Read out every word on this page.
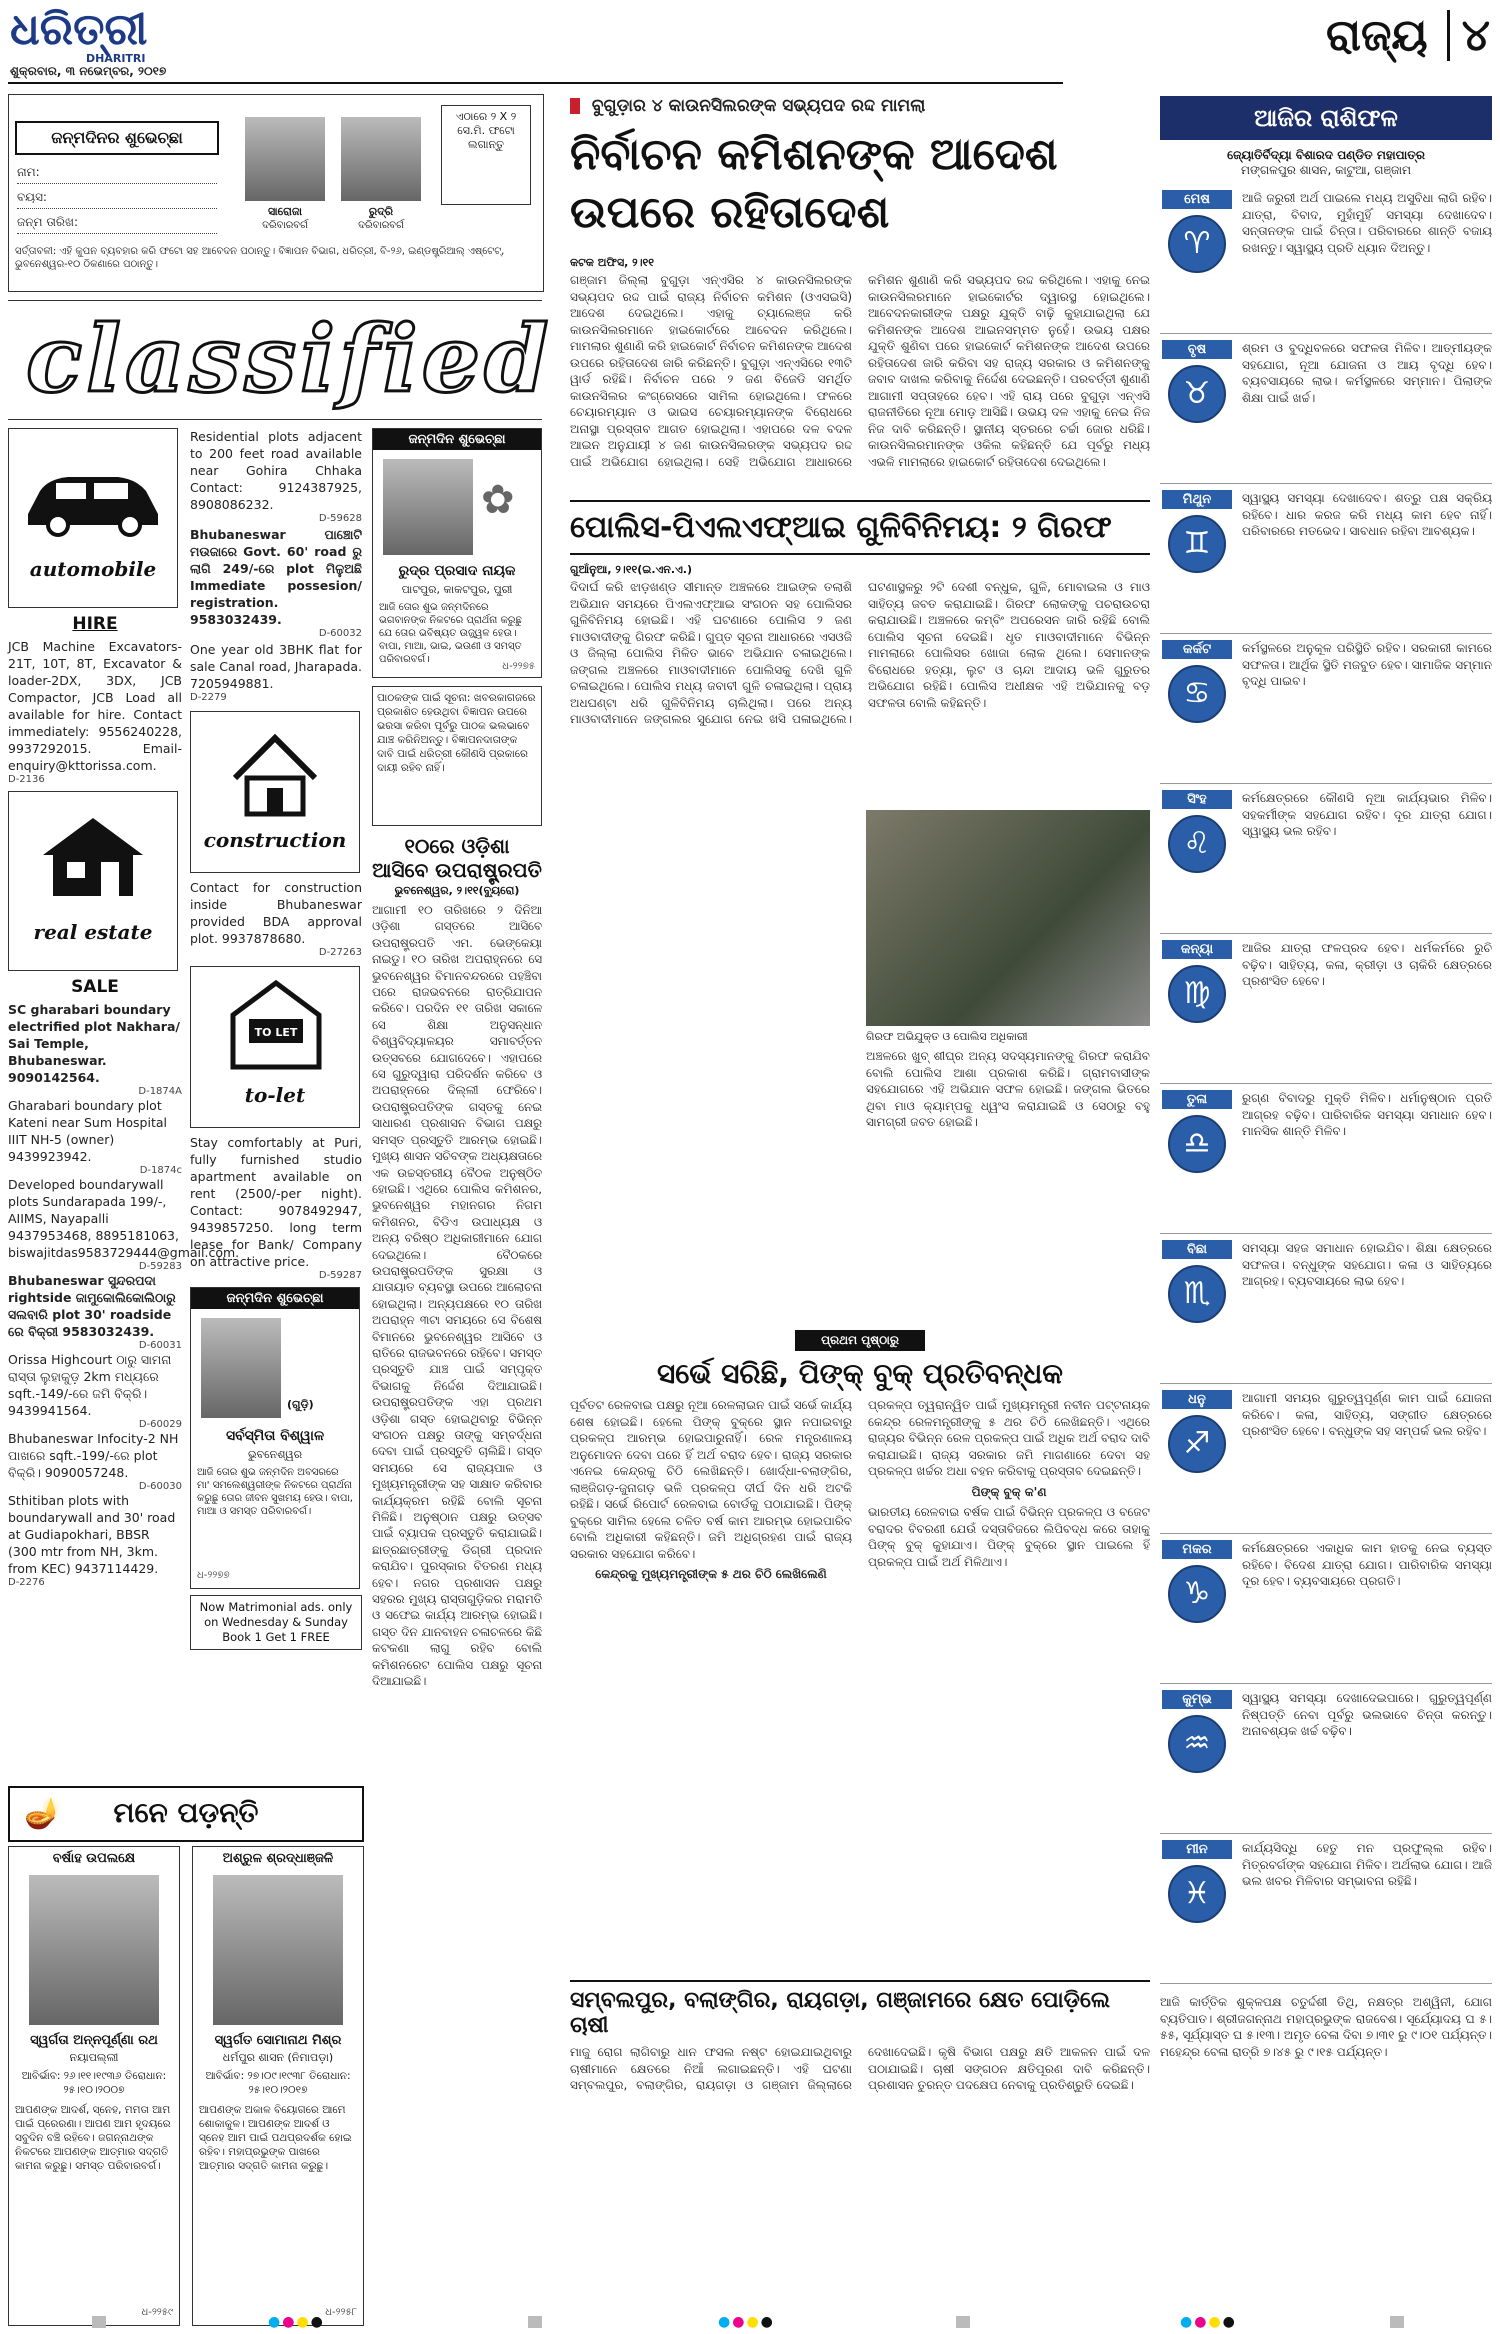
ଧରିତ୍ରୀ
DHARITRI
ଶୁକ୍ରବାର, ୩ ନଭେମ୍ବର, ୨୦୧୭
ରାଜ୍ୟ ୪
ଜନ୍ମଦିନର ଶୁଭେଚ୍ଛା
ନାମ:
ବୟସ:
ଜନ୍ମ ତାରିଖ:
ସାରୋଜା
ଦରିବାରବର୍ଗ
ରୁଦ୍ରି
ଦରିବାରବର୍ଗ
ଏଠାରେ ୨ X ୨ ସେ.ମି. ଫଟୋ ଲଗାନ୍ତୁ
ସର୍ତ୍ତାବଳୀ: ଏହି କୁପନ ବ୍ୟବହାର କରି ଫଟୋ ସହ ଆବେଦନ ପଠାନ୍ତୁ। ବିଜ୍ଞାପନ ବିଭାଗ, ଧରିତ୍ରୀ, ବି-୨୬, ଇଣ୍ଡଷ୍ଟ୍ରିଆଲ୍ ଏଷ୍ଟେଟ୍, ଭୁବନେଶ୍ୱର-୧୦ ଠିକଣାରେ ପଠାନ୍ତୁ।
classified
automobile
HIRE
JCB Machine Excavators-21T, 10T, 8T, Excavator & loader-2DX, 3DX, JCB Compactor, JCB Load all available for hire. Contact immediately: 9556240228, 9937292015. Email-enquiry@kttorissa.com.
D-2136
real estate
SALE
SC gharabari boundary electrified plot Nakhara/ Sai Temple, Bhubaneswar. 9090142564.
D-1874A
Gharabari boundary plot Kateni near Sum Hospital IIIT NH-5 (owner) 9439923942.
D-1874c
Developed boundarywall plots Sundarapada 199/-, AIIMS, Nayapalli 9437953468, 8895181063, biswajitdas9583729444@gmail.com.
D-59283
Bhubaneswar ସୁନ୍ଦରପଦା rightside ଜାମୁକୋଲିକୋଲିଠାରୁ ସଲବାରି plot 30' roadside ରେ ବିକ୍ରୀ 9583032439.
D-60031
Orissa Highcourt ଠାରୁ ସାମନା ରାସ୍ତା ଲୁହାକୁଡ଼ 2km ମଧ୍ୟରେ sqft.-149/-ରେ ଜମି ବିକ୍ରି। 9439941564.
D-60029
Bhubaneswar Infocity-2 NH ପାଖରେ sqft.-199/-ରେ plot ବିକ୍ରି। 9090057248.
D-60030
Sthitiban plots with boundarywall and 30' road at Gudiapokhari, BBSR (300 mtr from NH, 3km. from KEC) 9437114429.
D-2276
Residential plots adjacent to 200 feet road available near Gohira Chhaka Contact: 9124387925, 8908086232.
D-59628
Bhubaneswar ପାଞ୍ଚୋଟି ମଉଜାରେ Govt. 60' road ରୁ ଲାଗି 249/-ରେ plot ମିଳୁଅଛି Immediate possesion/ registration. 9583032439.
D-60032
One year old 3BHK flat for sale Canal road, Jharapada. 7205949881.
D-2279
construction
Contact for construction inside Bhubaneswar provided BDA approval plot. 9937878680.
D-27263
TO LET
to-let
Stay comfortably at Puri, fully furnished studio apartment available on rent (2500/-per night). Contact: 9078492947, 9439857250. long term lease for Bank/ Company on attractive price.
D-59287
ଜନ୍ମଦିନ ଶୁଭେଚ୍ଛା
(ଗୁଡ଼ି)
ସର୍ବସ୍ମିତା ବିଶ୍ୱାଳ
ଭୁବନେଶ୍ୱର
ଆଜି ତୋର ଶୁଭ ଜନ୍ମଦିନ ଅବସରରେ ମା' ସମଲେଶ୍ୱରୀଙ୍କ ନିକଟରେ ପ୍ରାର୍ଥନା କରୁଛୁ ତୋର ଜୀବନ ସୁଖମୟ ହେଉ। ବାପା, ମାଆ ଓ ସମସ୍ତ ପରିବାରବର୍ଗ।
ଧ-୨୨୭୭
Now Matrimonial ads. only on Wednesday & Sunday Book 1 Get 1 FREE
ଜନ୍ମଦିନ ଶୁଭେଚ୍ଛା
✿
ରୁଦ୍ର ପ୍ରସାଦ ନାୟକ
ପାଟପୁର, କାକଟପୁର, ପୁରୀ
ଆଜି ତୋର ଶୁଭ ଜନ୍ମଦିନରେ ଭଗବାନଙ୍କ ନିକଟରେ ପ୍ରାର୍ଥନା କରୁଛୁ ଯେ ତୋର ଭବିଷ୍ୟତ ଉଜ୍ଜ୍ୱଳ ହେଉ। ବାପା, ମାଆ, ଭାଇ, ଭଉଣୀ ଓ ସମସ୍ତ ପରିବାରବର୍ଗ।
ଧ-୨୨୭୫
ପାଠକଙ୍କ ପାଇଁ ସୂଚନା: ଖବରକାଗଜରେ ପ୍ରକାଶିତ ହେଉଥିବା ବିଜ୍ଞାପନ ଉପରେ ଭରସା କରିବା ପୂର୍ବରୁ ପାଠକ ଭଲଭାବେ ଯାଞ୍ଚ କରିନିଅନ୍ତୁ। ବିଜ୍ଞାପନଦାତାଙ୍କ ଦାବି ପାଇଁ ଧରିତ୍ରୀ କୌଣସି ପ୍ରକାରେ ଦାୟୀ ରହିବ ନାହିଁ।
୧୦ରେ ଓଡ଼ିଶା
ଆସିବେ ଉପରାଷ୍ଟ୍ରପତି
ଭୁବନେଶ୍ୱର, ୨।୧୧(ବ୍ୟୁରୋ)
ଆଗାମୀ ୧୦ ତାରିଖରେ ୨ ଦିନିଆ ଓଡ଼ିଶା ଗସ୍ତରେ ଆସିବେ ଉପରାଷ୍ଟ୍ରପତି ଏମ. ଭେଙ୍କେୟା ନାଇଡୁ। ୧୦ ତାରିଖ ଅପରାହ୍ନରେ ସେ ଭୁବନେଶ୍ୱର ବିମାନବନ୍ଦରରେ ପହଞ୍ଚିବା ପରେ ରାଜଭବନରେ ରାତ୍ରିଯାପନ କରିବେ। ପରଦିନ ୧୧ ତାରିଖ ସକାଳେ ସେ ଶିକ୍ଷା ଅନୁସନ୍ଧାନ ବିଶ୍ୱବିଦ୍ୟାଳୟର ସମାବର୍ତ୍ତନ ଉତ୍ସବରେ ଯୋଗଦେବେ। ଏହାପରେ ସେ ଗୁରୁଦ୍ୱାରା ପରିଦର୍ଶନ କରିବେ ଓ ଅପରାହ୍ନରେ ଦିଲ୍ଲୀ ଫେରିବେ। ଉପରାଷ୍ଟ୍ରପତିଙ୍କ ଗସ୍ତକୁ ନେଇ ସାଧାରଣ ପ୍ରଶାସନ ବିଭାଗ ପକ୍ଷରୁ ସମସ୍ତ ପ୍ରସ୍ତୁତି ଆରମ୍ଭ ହୋଇଛି। ମୁଖ୍ୟ ଶାସନ ସଚିବଙ୍କ ଅଧ୍ୟକ୍ଷତାରେ ଏକ ଉଚ୍ଚସ୍ତରୀୟ ବୈଠକ ଅନୁଷ୍ଠିତ ହୋଇଛି। ଏଥିରେ ପୋଲିସ କମିଶନର, ଭୁବନେଶ୍ୱର ମହାନଗର ନିଗମ କମିଶନର, ବିଡିଏ ଉପାଧ୍ୟକ୍ଷ ଓ ଅନ୍ୟ ବରିଷ୍ଠ ଅଧିକାରୀମାନେ ଯୋଗ ଦେଇଥିଲେ। ବୈଠକରେ ଉପରାଷ୍ଟ୍ରପତିଙ୍କ ସୁରକ୍ଷା ଓ ଯାତାୟାତ ବ୍ୟବସ୍ଥା ଉପରେ ଆଲୋଚନା ହୋଇଥିଲା। ଅନ୍ୟପକ୍ଷରେ ୧୦ ତାରିଖ ଅପରାହ୍ନ ୩ଟା ସମୟରେ ସେ ବିଶେଷ ବିମାନରେ ଭୁବନେଶ୍ୱର ଆସିବେ ଓ ରାତିରେ ରାଜଭବନରେ ରହିବେ। ସମସ୍ତ ପ୍ରସ୍ତୁତି ଯାଞ୍ଚ ପାଇଁ ସମ୍ପୃକ୍ତ ବିଭାଗକୁ ନିର୍ଦ୍ଦେଶ ଦିଆଯାଇଛି। ଉପରାଷ୍ଟ୍ରପତିଙ୍କ ଏହା ପ୍ରଥମ ଓଡ଼ିଶା ଗସ୍ତ ହୋଇଥିବାରୁ ବିଭିନ୍ନ ସଂଗଠନ ପକ୍ଷରୁ ତାଙ୍କୁ ସମ୍ବର୍ଦ୍ଧନା ଦେବା ପାଇଁ ପ୍ରସ୍ତୁତି ଚାଲିଛି। ଗସ୍ତ ସମୟରେ ସେ ରାଜ୍ୟପାଳ ଓ ମୁଖ୍ୟମନ୍ତ୍ରୀଙ୍କ ସହ ସାକ୍ଷାତ କରିବାର କାର୍ଯ୍ୟକ୍ରମ ରହିଛି ବୋଲି ସୂଚନା ମିଳିଛି। ଅନୁଷ୍ଠାନ ପକ୍ଷରୁ ଉତ୍ସବ ପାଇଁ ବ୍ୟାପକ ପ୍ରସ୍ତୁତି କରାଯାଇଛି। ଛାତ୍ରଛାତ୍ରୀଙ୍କୁ ଡିଗ୍ରୀ ପ୍ରଦାନ କରାଯିବ। ପୁରସ୍କାର ବିତରଣ ମଧ୍ୟ ହେବ। ନଗର ପ୍ରଶାସନ ପକ୍ଷରୁ ସହରର ମୁଖ୍ୟ ରାସ୍ତାଗୁଡ଼ିକର ମରାମତି ଓ ସଫେଇ କାର୍ଯ୍ୟ ଆରମ୍ଭ ହୋଇଛି। ଗସ୍ତ ଦିନ ଯାନବାହନ ଚଳାଚଳରେ କିଛି କଟକଣା ଲାଗୁ ରହିବ ବୋଲି କମିଶନରେଟ ପୋଲିସ ପକ୍ଷରୁ ସୂଚନା ଦିଆଯାଇଛି।
🪔	ମନେ ପଡ଼ନ୍ତି
ବର୍ଷାହ ଉପଲକ୍ଷେ
ସ୍ୱର୍ଗତା ଅନ୍ନପୂର୍ଣ୍ଣା ରଥ
ନୟାପଲ୍ଲୀ
ଆବିର୍ଭାବ: ୨୬।୧୧।୧୯୩୬ ତିରୋଧାନ: ୨୫।୧୦।୨୦୦୭
ଆପଣଙ୍କ ଆଦର୍ଶ, ସ୍ନେହ, ମମତା ଆମ ପାଇଁ ପ୍ରେରଣା। ଆପଣ ଆମ ହୃଦୟରେ ସବୁଦିନ ବଞ୍ଚି ରହିବେ। ଜଗନ୍ନାଥଙ୍କ ନିକଟରେ ଆପଣଙ୍କ ଆତ୍ମାର ସଦ୍ଗତି କାମନା କରୁଛୁ। ସମସ୍ତ ପରିବାରବର୍ଗ।
ଧ-୨୨୫୯
ଅଶ୍ରୁଳ ଶ୍ରଦ୍ଧାଞ୍ଜଳି
ସ୍ୱର୍ଗତ ସୋମାନାଥ ମିଶ୍ର
ଧର୍ମପୁର ଶାସନ (ନିମାପଡ଼ା)
ଆବିର୍ଭାବ: ୨୭।୦୯।୧୯୩୮ ତିରୋଧାନ: ୨୫।୧୦।୨୦୧୭
ଆପଣଙ୍କ ଅକାଳ ବିୟୋଗରେ ଆମେ ଶୋକାକୁଳ। ଆପଣଙ୍କ ଆଦର୍ଶ ଓ ସ୍ନେହ ଆମ ପାଇଁ ପଥପ୍ରଦର୍ଶକ ହୋଇ ରହିବ। ମହାପ୍ରଭୁଙ୍କ ପାଖରେ ଆତ୍ମାର ସଦ୍ଗତି କାମନା କରୁଛୁ।
ଧ-୨୨୫୮
ବୁଗୁଡ଼ାର ୪ କାଉନସିଲରଙ୍କ ସଭ୍ୟପଦ ରଦ୍ଦ ମାମଲା
ନିର୍ବାଚନ କମିଶନଙ୍କ ଆଦେଶ ଉପରେ ରହିତାଦେଶ
କଟକ ଅଫିସ, ୨।୧୧
ଗଞ୍ଜାମ ଜିଲ୍ଲା ବୁଗୁଡ଼ା ଏନ୍ଏସିର ୪ କାଉନସିଲରଙ୍କ ସଭ୍ୟପଦ ରଦ୍ଦ ପାଇଁ ରାଜ୍ୟ ନିର୍ବାଚନ କମିଶନ (ଓଏସଇସି) ଆଦେଶ ଦେଇଥିଲେ। ଏହାକୁ ଚ୍ୟାଲେଞ୍ଜ କରି କାଉନସିଲରମାନେ ହାଇକୋର୍ଟରେ ଆବେଦନ କରିଥିଲେ। ମାମଲାର ଶୁଣାଣି କରି ହାଇକୋର୍ଟ ନିର୍ବାଚନ କମିଶନଙ୍କ ଆଦେଶ ଉପରେ ରହିତାଦେଶ ଜାରି କରିଛନ୍ତି। ବୁଗୁଡ଼ା ଏନ୍ଏସିରେ ୧୩ଟି ୱାର୍ଡ ରହିଛି। ନିର୍ବାଚନ ପରେ ୨ ଜଣ ବିଜେଡି ସମର୍ଥିତ କାଉନସିଲର କଂଗ୍ରେସରେ ସାମିଲ ହୋଇଥିଲେ। ଫଳରେ ଚେୟାରମ୍ୟାନ ଓ ଭାଇସ ଚେୟାରମ୍ୟାନଙ୍କ ବିରୋଧରେ ଅନାସ୍ଥା ପ୍ରସ୍ତାବ ଆଗତ ହୋଇଥିଲା। ଏହାପରେ ଦଳ ବଦଳ ଆଇନ ଅନୁଯାୟୀ ୪ ଜଣ କାଉନସିଲରଙ୍କ ସଭ୍ୟପଦ ରଦ୍ଦ ପାଇଁ ଅଭିଯୋଗ ହୋଇଥିଲା। ସେହି ଅଭିଯୋଗ ଆଧାରରେ କମିଶନ ଶୁଣାଣି କରି ସଭ୍ୟପଦ ରଦ୍ଦ କରିଥିଲେ। ଏହାକୁ ନେଇ କାଉନସିଲରମାନେ ହାଇକୋର୍ଟର ଦ୍ୱାରସ୍ଥ ହୋଇଥିଲେ। ଆବେଦନକାରୀଙ୍କ ପକ୍ଷରୁ ଯୁକ୍ତି ବାଢ଼ି କୁହାଯାଇଥିଲା ଯେ କମିଶନଙ୍କ ଆଦେଶ ଆଇନସମ୍ମତ ନୁହେଁ। ଉଭୟ ପକ୍ଷର ଯୁକ୍ତି ଶୁଣିବା ପରେ ହାଇକୋର୍ଟ କମିଶନଙ୍କ ଆଦେଶ ଉପରେ ରହିତାଦେଶ ଜାରି କରିବା ସହ ରାଜ୍ୟ ସରକାର ଓ କମିଶନଙ୍କୁ ଜବାବ ଦାଖଲ କରିବାକୁ ନିର୍ଦ୍ଦେଶ ଦେଇଛନ୍ତି। ପରବର୍ତ୍ତୀ ଶୁଣାଣି ଆଗାମୀ ସପ୍ତାହରେ ହେବ। ଏହି ରାୟ ପରେ ବୁଗୁଡ଼ା ଏନ୍ଏସି ରାଜନୀତିରେ ନୂଆ ମୋଡ଼ ଆସିଛି। ଉଭୟ ଦଳ ଏହାକୁ ନେଇ ନିଜ ନିଜ ଦାବି କରିଛନ୍ତି। ସ୍ଥାନୀୟ ସ୍ତରରେ ଚର୍ଚ୍ଚା ଜୋର ଧରିଛି। କାଉନସିଲରମାନଙ୍କ ଓକିଲ କହିଛନ୍ତି ଯେ ପୂର୍ବରୁ ମଧ୍ୟ ଏଭଳି ମାମଲାରେ ହାଇକୋର୍ଟ ରହିତାଦେଶ ଦେଇଥିଲେ।
ପୋଲିସ-ପିଏଲଏଫ୍ଆଇ ଗୁଳିବିନିମୟ: ୨ ଗିରଫ
ଗୁଆଁନୁଆ, ୨।୧୧(ଇ.ଏନ.ଏ.)
ଦିଦାର୍ଘ କରି ଝାଡ଼ଖଣ୍ଡ ସୀମାନ୍ତ ଅଞ୍ଚଳରେ ଆଇଙ୍କ ତଲାଶି ଅଭିଯାନ ସମୟରେ ପିଏଲଏଫ୍ଆଇ ସଂଗଠନ ସହ ପୋଲିସର ଗୁଳିବିନିମୟ ହୋଇଛି। ଏହି ଘଟଣାରେ ପୋଲିସ ୨ ଜଣ ମାଓବାଦୀଙ୍କୁ ଗିରଫ କରିଛି। ଗୁପ୍ତ ସୂଚନା ଆଧାରରେ ଏସଓଜି ଓ ଜିଲ୍ଲା ପୋଲିସ ମିଳିତ ଭାବେ ଅଭିଯାନ ଚଳାଇଥିଲେ। ଜଙ୍ଗଲ ଅଞ୍ଚଳରେ ମାଓବାଦୀମାନେ ପୋଲିସକୁ ଦେଖି ଗୁଳି ଚଳାଇଥିଲେ। ପୋଲିସ ମଧ୍ୟ ଜବାବୀ ଗୁଳି ଚଳାଇଥିଲା। ପ୍ରାୟ ଅଧଘଣ୍ଟା ଧରି ଗୁଳିବିନିମୟ ଚାଲିଥିଲା। ପରେ ଅନ୍ୟ ମାଓବାଦୀମାନେ ଜଙ୍ଗଲର ସୁଯୋଗ ନେଇ ଖସି ପଳାଇଥିଲେ। ଘଟଣାସ୍ଥଳରୁ ୨ଟି ଦେଶୀ ବନ୍ଧୁକ, ଗୁଳି, ମୋବାଇଲ ଓ ମାଓ ସାହିତ୍ୟ ଜବତ କରାଯାଇଛି। ଗିରଫ ଲୋକଙ୍କୁ ପଚରାଉଚରା କରାଯାଉଛି। ଅଞ୍ଚଳରେ କମ୍ବିଂ ଅପରେସନ ଜାରି ରହିଛି ବୋଲି ପୋଲିସ ସୂଚନା ଦେଇଛି। ଧୃତ ମାଓବାଦୀମାନେ ବିଭିନ୍ନ ମାମଲାରେ ପୋଲିସର ଖୋଜା ଲୋକ ଥିଲେ। ସେମାନଙ୍କ ବିରୋଧରେ ହତ୍ୟା, ଲୁଟ ଓ ଚାନ୍ଦା ଆଦାୟ ଭଳି ଗୁରୁତର ଅଭିଯୋଗ ରହିଛି। ପୋଲିସ ଅଧୀକ୍ଷକ ଏହି ଅଭିଯାନକୁ ବଡ଼ ସଫଳତା ବୋଲି କହିଛନ୍ତି।
ଗିରଫ ଅଭିଯୁକ୍ତ ଓ ପୋଲିସ ଅଧିକାରୀ
ଅଞ୍ଚଳରେ ଖୁବ୍ ଶୀଘ୍ର ଅନ୍ୟ ସଦସ୍ୟମାନଙ୍କୁ ଗିରଫ କରାଯିବ ବୋଲି ପୋଲିସ ଆଶା ପ୍ରକାଶ କରିଛି। ଗ୍ରାମବାସୀଙ୍କ ସହଯୋଗରେ ଏହି ଅଭିଯାନ ସଫଳ ହୋଇଛି। ଜଙ୍ଗଲ ଭିତରେ ଥିବା ମାଓ କ୍ୟାମ୍ପକୁ ଧ୍ୱଂସ କରାଯାଇଛି ଓ ସେଠାରୁ ବହୁ ସାମଗ୍ରୀ ଜବତ ହୋଇଛି।
ପ୍ରଥମ ପୃଷ୍ଠାରୁ
ସର୍ଭେ ସରିଛି, ପିଙ୍କ୍ ବୁକ୍ ପ୍ରତିବନ୍ଧକ
ପୂର୍ବତଟ ରେଳବାଇ ପକ୍ଷରୁ ନୂଆ ରେଳଲାଇନ ପାଇଁ ସର୍ଭେ କାର୍ଯ୍ୟ ଶେଷ ହୋଇଛି। ହେଲେ ପିଙ୍କ୍ ବୁକ୍ରେ ସ୍ଥାନ ନପାଇବାରୁ ପ୍ରକଳ୍ପ ଆରମ୍ଭ ହୋଇପାରୁନାହିଁ। ରେଳ ମନ୍ତ୍ରଣାଳୟ ଅନୁମୋଦନ ଦେବା ପରେ ହିଁ ଅର୍ଥ ବରାଦ ହେବ। ରାଜ୍ୟ ସରକାର ଏନେଇ କେନ୍ଦ୍ରକୁ ଚିଠି ଲେଖିଛନ୍ତି। ଖୋର୍ଦ୍ଧା-ବଲାଙ୍ଗିର, ଲାଞ୍ଜିଗଡ଼-ଜୁନାଗଡ଼ ଭଳି ପ୍ରକଳ୍ପ ଦୀର୍ଘ ଦିନ ଧରି ଅଟକି ରହିଛି। ସର୍ଭେ ରିପୋର୍ଟ ରେଳବାଇ ବୋର୍ଡକୁ ପଠାଯାଇଛି। ପିଙ୍କ୍ ବୁକ୍ରେ ସାମିଲ ହେଲେ ଚଳିତ ବର୍ଷ କାମ ଆରମ୍ଭ ହୋଇପାରିବ ବୋଲି ଅଧିକାରୀ କହିଛନ୍ତି। ଜମି ଅଧିଗ୍ରହଣ ପାଇଁ ରାଜ୍ୟ ସରକାର ସହଯୋଗ କରିବେ।
କେନ୍ଦ୍ରକୁ ମୁଖ୍ୟମନ୍ତ୍ରୀଙ୍କ ୫ ଥର ଚିଠି ଲେଖିଲେଣି
ପ୍ରକଳ୍ପ ତ୍ୱରାନ୍ୱିତ ପାଇଁ ମୁଖ୍ୟମନ୍ତ୍ରୀ ନବୀନ ପଟ୍ଟନାୟକ କେନ୍ଦ୍ର ରେଳମନ୍ତ୍ରୀଙ୍କୁ ୫ ଥର ଚିଠି ଲେଖିଛନ୍ତି। ଏଥିରେ ରାଜ୍ୟର ବିଭିନ୍ନ ରେଳ ପ୍ରକଳ୍ପ ପାଇଁ ଅଧିକ ଅର୍ଥ ବରାଦ ଦାବି କରାଯାଇଛି। ରାଜ୍ୟ ସରକାର ଜମି ମାଗଣାରେ ଦେବା ସହ ପ୍ରକଳ୍ପ ଖର୍ଚ୍ଚର ଅଧା ବହନ କରିବାକୁ ପ୍ରସ୍ତାବ ଦେଇଛନ୍ତି।
ପିଙ୍କ୍ ବୁକ୍ କ'ଣ
ଭାରତୀୟ ରେଳବାଇ ବର୍ଷକ ପାଇଁ ବିଭିନ୍ନ ପ୍ରକଳ୍ପ ଓ ବଜେଟ ବରାଦର ବିବରଣୀ ଯେଉଁ ଦସ୍ତାବିଜରେ ଲିପିବଦ୍ଧ କରେ ତାହାକୁ ପିଙ୍କ୍ ବୁକ୍ କୁହାଯାଏ। ପିଙ୍କ୍ ବୁକ୍ରେ ସ୍ଥାନ ପାଇଲେ ହିଁ ପ୍ରକଳ୍ପ ପାଇଁ ଅର୍ଥ ମିଳିଥାଏ।
ସମ୍ବଲପୁର, ବଲାଙ୍ଗିର, ରାୟଗଡ଼ା, ଗଞ୍ଜାମରେ କ୍ଷେତ ପୋଡ଼ିଲେ ଚାଷୀ
ମାଜୁ ରୋଗ ଲାଗିବାରୁ ଧାନ ଫସଲ ନଷ୍ଟ ହୋଇଯାଇଥିବାରୁ ଚାଷୀମାନେ କ୍ଷେତରେ ନିଆଁ ଲଗାଇଛନ୍ତି। ଏହି ଘଟଣା ସମ୍ବଲପୁର, ବଲାଙ୍ଗିର, ରାୟଗଡ଼ା ଓ ଗଞ୍ଜାମ ଜିଲ୍ଲାରେ ଦେଖାଦେଇଛି। କୃଷି ବିଭାଗ ପକ୍ଷରୁ କ୍ଷତି ଆକଳନ ପାଇଁ ଦଳ ପଠାଯାଇଛି। ଚାଷୀ ସଙ୍ଗଠନ କ୍ଷତିପୂରଣ ଦାବି କରିଛନ୍ତି। ପ୍ରଶାସନ ତୁରନ୍ତ ପଦକ୍ଷେପ ନେବାକୁ ପ୍ରତିଶ୍ରୁତି ଦେଇଛି।
ଆଜିର ରାଶିଫଳ
ଜ୍ୟୋତିର୍ବିଦ୍ୟା ବିଶାରଦ ପଣ୍ଡିତ ମହାପାତ୍ର
ମଙ୍ଗଳପୁର ଶାସନ, କାଟୁଆ, ଗଞ୍ଜାମ
ମେଷ
♈
ଆଜି ଜରୁରୀ ଅର୍ଥ ପାଇଲେ ମଧ୍ୟ ଅସୁବିଧା ଲାଗି ରହିବ। ଯାତ୍ରା, ବିବାଦ, ମୁହାଁମୁହିଁ ସମସ୍ୟା ଦେଖାଦେବ। ସନ୍ତାନଙ୍କ ପାଇଁ ଚିନ୍ତା। ପରିବାରରେ ଶାନ୍ତି ବଜାୟ ରଖନ୍ତୁ। ସ୍ୱାସ୍ଥ୍ୟ ପ୍ରତି ଧ୍ୟାନ ଦିଅନ୍ତୁ।
ବୃଷ
♉
ଶ୍ରମ ଓ ବୁଦ୍ଧିବଳରେ ସଫଳତା ମିଳିବ। ଆତ୍ମୀୟଙ୍କ ସହଯୋଗ, ନୂଆ ଯୋଜନା ଓ ଆୟ ବୃଦ୍ଧି ହେବ। ବ୍ୟବସାୟରେ ଲାଭ। କର୍ମସ୍ଥଳରେ ସମ୍ମାନ। ପିଲାଙ୍କ ଶିକ୍ଷା ପାଇଁ ଖର୍ଚ୍ଚ।
ମିଥୁନ
♊
ସ୍ୱାସ୍ଥ୍ୟ ସମସ୍ୟା ଦେଖାଦେବ। ଶତ୍ରୁ ପକ୍ଷ ସକ୍ରିୟ ରହିବେ। ଧାର କରଜ କରି ମଧ୍ୟ କାମ ହେବ ନାହିଁ। ପରିବାରରେ ମତଭେଦ। ସାବଧାନ ରହିବା ଆବଶ୍ୟକ।
କର୍କଟ
♋
କର୍ମସ୍ଥଳରେ ଅନୁକୂଳ ପରିସ୍ଥିତି ରହିବ। ସରକାରୀ କାମରେ ସଫଳତା। ଆର୍ଥିକ ସ୍ଥିତି ମଜବୁତ ହେବ। ସାମାଜିକ ସମ୍ମାନ ବୃଦ୍ଧି ପାଇବ।
ସିଂହ
♌
କର୍ମକ୍ଷେତ୍ରରେ କୌଣସି ନୂଆ କାର୍ଯ୍ୟଭାର ମିଳିବ। ସହକର୍ମୀଙ୍କ ସହଯୋଗ ରହିବ। ଦୂର ଯାତ୍ରା ଯୋଗ। ସ୍ୱାସ୍ଥ୍ୟ ଭଲ ରହିବ।
କନ୍ୟା
♍
ଆଜିର ଯାତ୍ରା ଫଳପ୍ରଦ ହେବ। ଧର୍ମକର୍ମରେ ରୁଚି ବଢ଼ିବ। ସାହିତ୍ୟ, କଳା, କ୍ରୀଡ଼ା ଓ ଚାକିରି କ୍ଷେତ୍ରରେ ପ୍ରଶଂସିତ ହେବେ।
ତୁଳା
♎
ରୁଗ୍ଣ ବିବାଦରୁ ମୁକ୍ତି ମିଳିବ। ଧର୍ମାନୁଷ୍ଠାନ ପ୍ରତି ଆଗ୍ରହ ବଢ଼ିବ। ପାରିବାରିକ ସମସ୍ୟା ସମାଧାନ ହେବ। ମାନସିକ ଶାନ୍ତି ମିଳିବ।
ବିଛା
♏
ସମସ୍ୟା ସହଜ ସମାଧାନ ହୋଇଯିବ। ଶିକ୍ଷା କ୍ଷେତ୍ରରେ ସଫଳତା। ବନ୍ଧୁଙ୍କ ସହଯୋଗ। କଳା ଓ ସାହିତ୍ୟରେ ଆଗ୍ରହ। ବ୍ୟବସାୟରେ ଲାଭ ହେବ।
ଧନୁ
♐
ଆଗାମୀ ସମୟର ଗୁରୁତ୍ୱପୂର୍ଣ୍ଣ କାମ ପାଇଁ ଯୋଜନା କରିବେ। କଳା, ସାହିତ୍ୟ, ସଙ୍ଗୀତ କ୍ଷେତ୍ରରେ ପ୍ରଶଂସିତ ହେବେ। ବନ୍ଧୁଙ୍କ ସହ ସମ୍ପର୍କ ଭଲ ରହିବ।
ମକର
♑
କର୍ମକ୍ଷେତ୍ରରେ ଏକାଧିକ କାମ ହାତକୁ ନେଇ ବ୍ୟସ୍ତ ରହିବେ। ବିଦେଶ ଯାତ୍ରା ଯୋଗ। ପାରିବାରିକ ସମସ୍ୟା ଦୂର ହେବ। ବ୍ୟବସାୟରେ ପ୍ରଗତି।
କୁମ୍ଭ
♒
ସ୍ୱାସ୍ଥ୍ୟ ସମସ୍ୟା ଦେଖାଦେଇପାରେ। ଗୁରୁତ୍ୱପୂର୍ଣ୍ଣ ନିଷ୍ପତ୍ତି ନେବା ପୂର୍ବରୁ ଭଲଭାବେ ଚିନ୍ତା କରନ୍ତୁ। ଅନାବଶ୍ୟକ ଖର୍ଚ୍ଚ ବଢ଼ିବ।
ମୀନ
♓
କାର୍ଯ୍ୟସିଦ୍ଧି ହେତୁ ମନ ପ୍ରଫୁଲ୍ଲ ରହିବ। ମିତ୍ରବର୍ଗଙ୍କ ସହଯୋଗ ମିଳିବ। ଅର୍ଥଲାଭ ଯୋଗ। ଆଜି ଭଲ ଖବର ମିଳିବାର ସମ୍ଭାବନା ରହିଛି।
ଆଜି କାର୍ତ୍ତିକ ଶୁକ୍ଳପକ୍ଷ ଚତୁର୍ଦ୍ଦଶୀ ତିଥି, ନକ୍ଷତ୍ର ଅଶ୍ୱିନୀ, ଯୋଗ ବ୍ୟତିପାତ। ଶ୍ରୀଜଗନ୍ନାଥ ମହାପ୍ରଭୁଙ୍କ ରାଜବେଶ। ସୂର୍ଯ୍ୟୋଦୟ ଘ ୫।୫୫, ସୂର୍ଯ୍ୟାସ୍ତ ଘ ୫।୧୩। ଅମୃତ ବେଳା ଦିବା ୭।୩୧ ରୁ ୯।୦୧ ପର୍ଯ୍ୟନ୍ତ। ମହେନ୍ଦ୍ର ବେଳା ରାତ୍ରି ୭।୪୫ ରୁ ୯।୧୫ ପର୍ଯ୍ୟନ୍ତ।
●●●●	●●●●	●●●●
